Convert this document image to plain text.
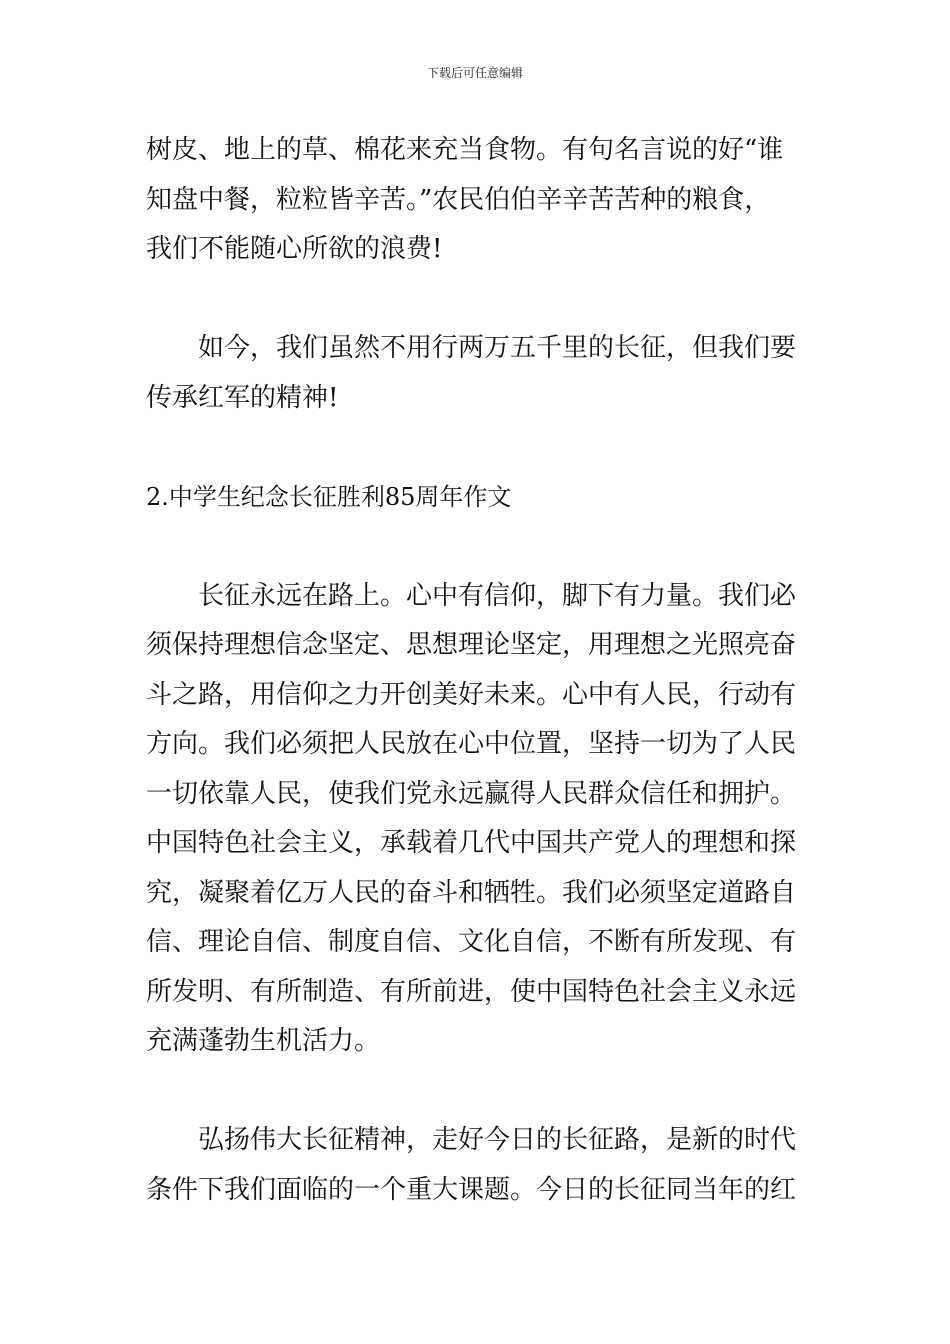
下载后可任意编辑
树皮、地上的草、棉花来充当食物。有句名言说的好“谁
知盘中餐，粒粒皆辛苦。”农民伯伯辛辛苦苦种的粮食，
我们不能随心所欲的浪费!
如今，我们虽然不用行两万五千里的长征，但我们要
传承红军的精神!
2.中学生纪念长征胜利85周年作文
长征永远在路上。心中有信仰，脚下有力量。我们必
须保持理想信念坚定、思想理论坚定，用理想之光照亮奋
斗之路，用信仰之力开创美好未来。心中有人民，行动有
方向。我们必须把人民放在心中位置，坚持一切为了人民
一切依靠人民，使我们党永远赢得人民群众信任和拥护。
中国特色社会主义，承载着几代中国共产党人的理想和探
究，凝聚着亿万人民的奋斗和牺牲。我们必须坚定道路自
信、理论自信、制度自信、文化自信，不断有所发现、有
所发明、有所制造、有所前进，使中国特色社会主义永远
充满蓬勃生机活力。
弘扬伟大长征精神，走好今日的长征路，是新的时代
条件下我们面临的一个重大课题。今日的长征同当年的红
